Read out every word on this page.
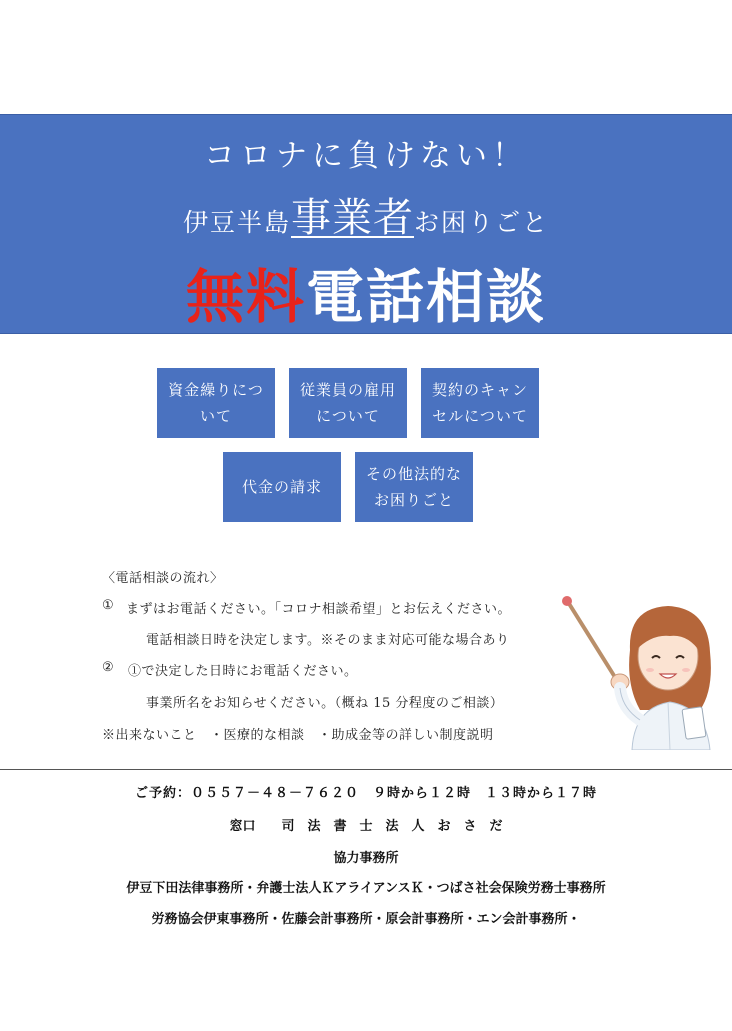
コロナに負けない！
伊豆半島事業者お困りごと
無料電話相談
資金繰りにつ
いて
従業員の雇用
について
契約のキャン
セルについて
代金の請求
その他法的な
お困りごと
〈電話相談の流れ〉
① まずはお電話ください。「コロナ相談希望」とお伝えください。
電話相談日時を決定します。※そのまま対応可能な場合あり
② ①で決定した日時にお電話ください。
事業所名をお知らせください。（概ね 15 分程度のご相談）
※出来ないこと　・医療的な相談　・助成金等の詳しい制度説明
ご予約：０５５７－４８－７６２０　９時から１２時　１３時から１７時
窓口　　司　法　書　士　法　人　お　さ　だ
協力事務所
伊豆下田法律事務所・弁護士法人ＫアライアンスＫ・つばさ社会保険労務士事務所
労務協会伊東事務所・佐藤会計事務所・原会計事務所・エン会計事務所・
